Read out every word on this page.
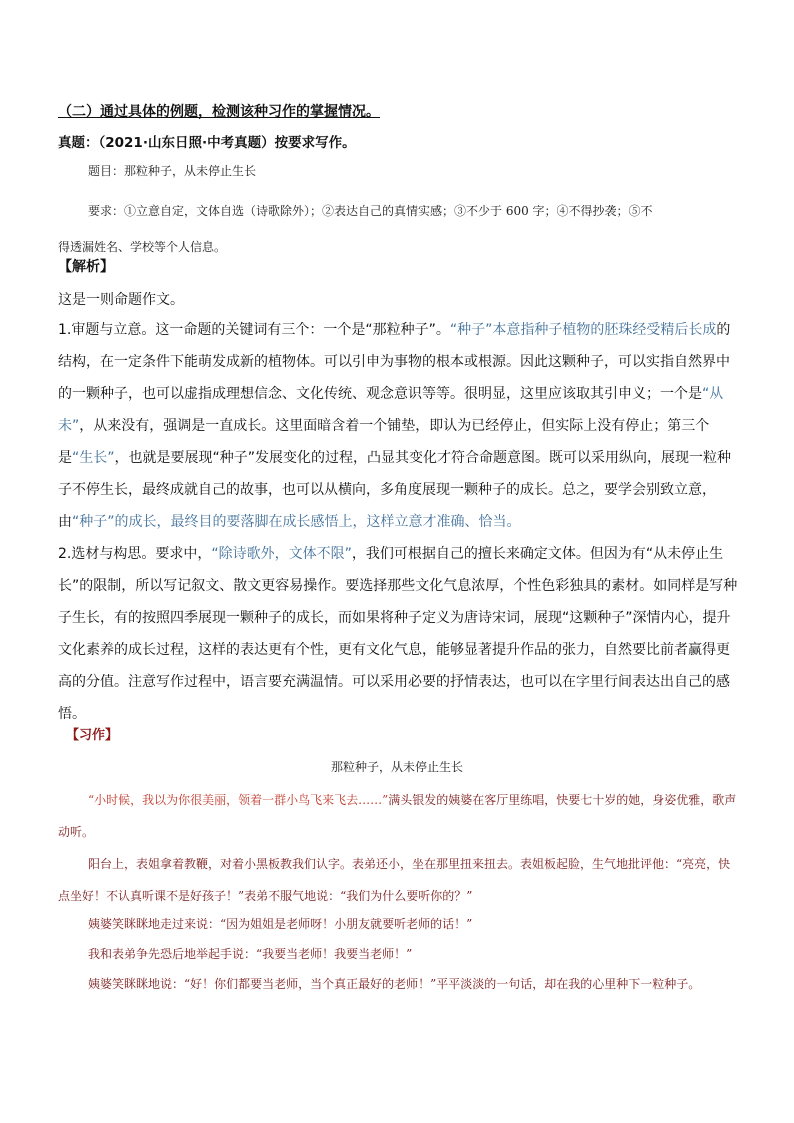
（二）通过具体的例题，检测该种习作的掌握情况。
真题：（2021·山东日照·中考真题）按要求写作。
题目：那粒种子，从未停止生长
要求：①立意自定，文体自选（诗歌除外）；②表达自己的真情实感；③不少于 600 字；④不得抄袭；⑤不
得透漏姓名、学校等个人信息。
【解析】
这是一则命题作文。
1.审题与立意。这一命题的关键词有三个：一个是“那粒种子”。“种子”本意指种子植物的胚珠经受精后长成的结构，在一定条件下能萌发成新的植物体。可以引申为事物的根本或根源。因此这颗种子，可以实指自然界中的一颗种子，也可以虚指成理想信念、文化传统、观念意识等等。很明显，这里应该取其引申义；一个是“从未”，从来没有，强调是一直成长。这里面暗含着一个铺垫，即认为已经停止，但实际上没有停止；第三个是“生长”，也就是要展现“种子”发展变化的过程，凸显其变化才符合命题意图。既可以采用纵向，展现一粒种子不停生长，最终成就自己的故事，也可以从横向，多角度展现一颗种子的成长。总之，要学会别致立意，由“种子”的成长，最终目的要落脚在成长感悟上，这样立意才准确、恰当。
2.选材与构思。要求中，“除诗歌外，文体不限”，我们可根据自己的擅长来确定文体。但因为有“从未停止生长”的限制，所以写记叙文、散文更容易操作。要选择那些文化气息浓厚，个性色彩独具的素材。如同样是写种子生长，有的按照四季展现一颗种子的成长，而如果将种子定义为唐诗宋词，展现“这颗种子”深情内心，提升文化素养的成长过程，这样的表达更有个性，更有文化气息，能够显著提升作品的张力，自然要比前者赢得更高的分值。注意写作过程中，语言要充满温情。可以采用必要的抒情表达，也可以在字里行间表达出自己的感悟。
【习作】
那粒种子，从未停止生长
“小时候，我以为你很美丽，领着一群小鸟飞来飞去……”满头银发的姨婆在客厅里练唱，快要七十岁的她，身姿优雅，歌声动听。
阳台上，表姐拿着教鞭，对着小黑板教我们认字。表弟还小，坐在那里扭来扭去。表姐板起脸，生气地批评他：“亮亮，快点坐好！不认真听课不是好孩子！”表弟不服气地说：“我们为什么要听你的？”
姨婆笑眯眯地走过来说：“因为姐姐是老师呀！小朋友就要听老师的话！”
我和表弟争先恐后地举起手说：“我要当老师！我要当老师！”
姨婆笑眯眯地说：“好！你们都要当老师，当个真正最好的老师！”平平淡淡的一句话，却在我的心里种下一粒种子。
